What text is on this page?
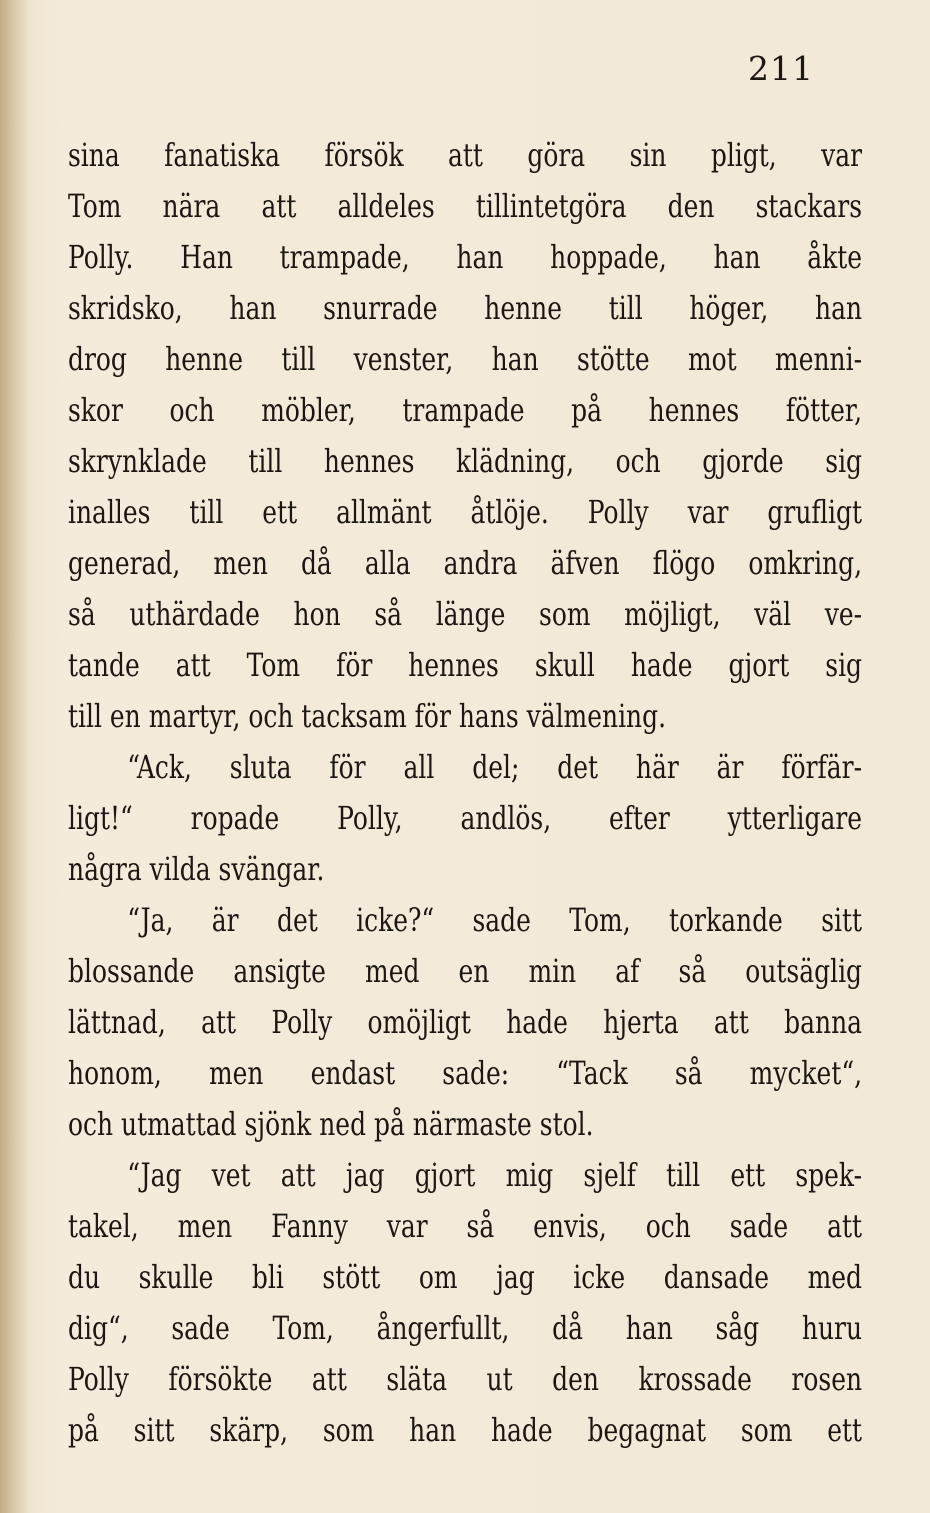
211
sina fanatiska försök att göra sin pligt, var
Tom nära att alldeles tillintetgöra den stackars
Polly. Han trampade, han hoppade, han åkte
skridsko, han snurrade henne till höger, han
drog henne till venster, han stötte mot menni-
skor och möbler, trampade på hennes fötter,
skrynklade till hennes klädning, och gjorde sig
inalles till ett allmänt åtlöje. Polly var grufligt
generad, men då alla andra äfven flögo omkring,
så uthärdade hon så länge som möjligt, väl ve-
tande att Tom för hennes skull hade gjort sig
till en martyr, och tacksam för hans välmening.
“Ack, sluta för all del; det här är förfär-
ligt!“ ropade Polly, andlös, efter ytterligare
några vilda svängar.
“Ja, är det icke?“ sade Tom, torkande sitt
blossande ansigte med en min af så outsäglig
lättnad, att Polly omöjligt hade hjerta att banna
honom, men endast sade: “Tack så mycket“,
och utmattad sjönk ned på närmaste stol.
“Jag vet att jag gjort mig sjelf till ett spek-
takel, men Fanny var så envis, och sade att
du skulle bli stött om jag icke dansade med
dig“, sade Tom, ångerfullt, då han såg huru
Polly försökte att släta ut den krossade rosen
på sitt skärp, som han hade begagnat som ett
